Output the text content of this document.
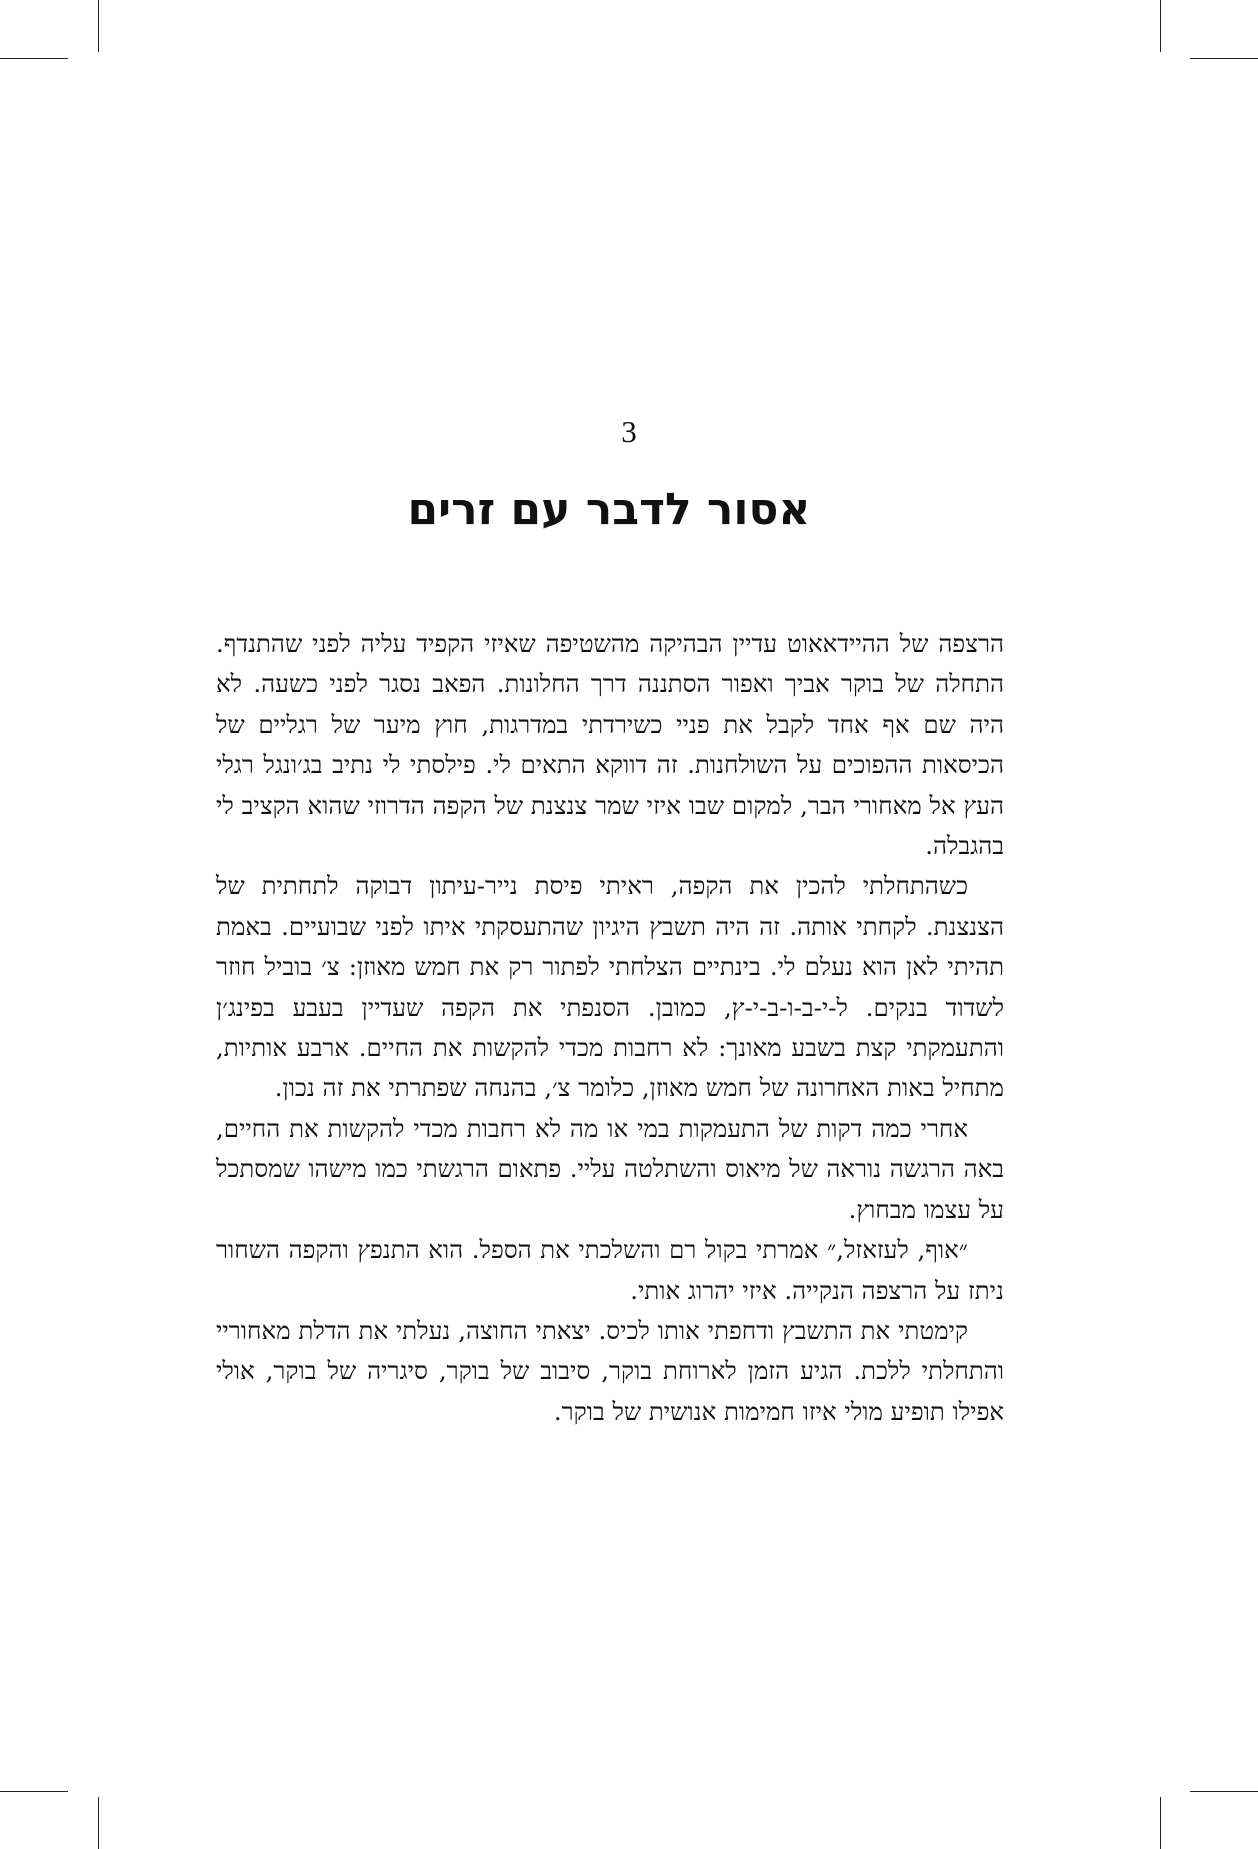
3
אסור לדבר עם זרים

הרצפה של ההיידאאוט עדיין הבהיקה מהשטיפה שאיזי הקפיד עליה לפני שהתנדף. התחלה של בוקר אביך ואפור הסתננה דרך החלונות. הפאב נסגר לפני כשעה. לא היה שם אף אחד לקבל את פניי כשירדתי במדרגות, חוץ מיער של רגליים של הכיסאות ההפוכים על השולחנות. זה דווקא התאים לי. פילסתי לי נתיב בג׳ונגל רגלי העץ אל מאחורי הבר, למקום שבו איזי שמר צנצנת של הקפה הדרוזי שהוא הקציב לי בהגבלה.

כשהתחלתי להכין את הקפה, ראיתי פיסת נייר-עיתון דבוקה לתחתית של הצנצנת. לקחתי אותה. זה היה תשבץ היגיון שהתעסקתי איתו לפני שבועיים. באמת תהיתי לאן הוא נעלם לי. בינתיים הצלחתי לפתור רק את חמש מאוזן: צ׳ בוביל חוזר לשדוד בנקים. ל-י-ב-ו-ב-י-ץ, כמובן. הסנפתי את הקפה שעדיין בעבע בפינג׳ן והתעמקתי קצת בשבע מאונך: לא רחבות מכדי להקשות את החיים. ארבע אותיות, מתחיל באות האחרונה של חמש מאוזן, כלומר צ׳, בהנחה שפתרתי את זה נכון.

אחרי כמה דקות של התעמקות במי או מה לא רחבות מכדי להקשות את החיים, באה הרגשה נוראה של מיאוס והשתלטה עליי. פתאום הרגשתי כמו מישהו שמסתכל על עצמו מבחוץ.

״אוף, לעזאזל,״ אמרתי בקול רם והשלכתי את הספל. הוא התנפץ והקפה השחור ניתז על הרצפה הנקייה. איזי יהרוג אותי.

קימטתי את התשבץ ודחפתי אותו לכיס. יצאתי החוצה, נעלתי את הדלת מאחוריי והתחלתי ללכת. הגיע הזמן לארוחת בוקר, סיבוב של בוקר, סיגריה של בוקר, אולי אפילו תופיע מולי איזו חמימות אנושית של בוקר.
